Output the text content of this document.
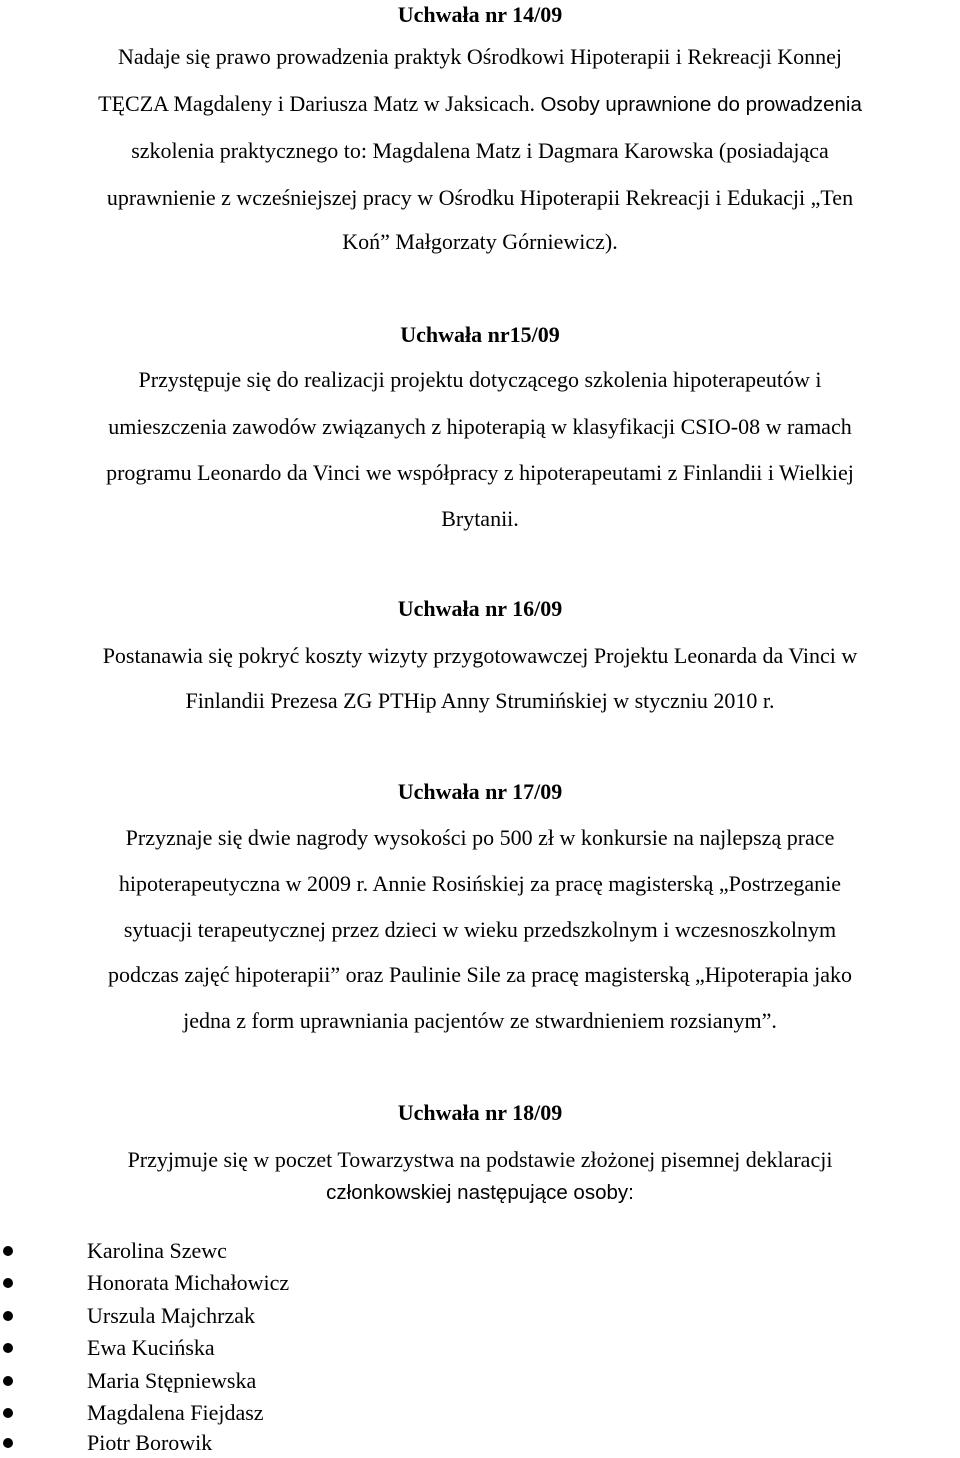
Uchwała nr 14/09
Nadaje się prawo prowadzenia praktyk Ośrodkowi Hipoterapii i Rekreacji Konnej
TĘCZA Magdaleny i Dariusza Matz w Jaksicach. Osoby uprawnione do prowadzenia
szkolenia praktycznego to: Magdalena Matz i Dagmara Karowska (posiadająca
uprawnienie z wcześniejszej pracy w Ośrodku Hipoterapii Rekreacji i Edukacji „Ten
Koń” Małgorzaty Górniewicz).
Uchwała nr15/09
Przystępuje się do realizacji projektu dotyczącego szkolenia hipoterapeutów i
umieszczenia zawodów związanych z hipoterapią w klasyfikacji CSIO-08 w ramach
programu Leonardo da Vinci we współpracy z hipoterapeutami z Finlandii i Wielkiej
Brytanii.
Uchwała nr 16/09
Postanawia się pokryć koszty wizyty przygotowawczej Projektu Leonarda da Vinci w
Finlandii Prezesa ZG PTHip Anny Strumińskiej w styczniu 2010 r.
Uchwała nr 17/09
Przyznaje się dwie nagrody wysokości po 500 zł w konkursie na najlepszą prace
hipoterapeutyczna w 2009 r. Annie Rosińskiej za pracę magisterską „Postrzeganie
sytuacji terapeutycznej przez dzieci w wieku przedszkolnym i wczesnoszkolnym
podczas zajęć hipoterapii” oraz Paulinie Sile za pracę magisterską „Hipoterapia jako
jedna z form uprawniania pacjentów ze stwardnieniem rozsianym”.
Uchwała nr 18/09
Przyjmuje się w poczet Towarzystwa na podstawie złożonej pisemnej deklaracji
członkowskiej następujące osoby:
Karolina Szewc
Honorata Michałowicz
Urszula Majchrzak
Ewa Kucińska
Maria Stępniewska
Magdalena Fiejdasz
Piotr Borowik
